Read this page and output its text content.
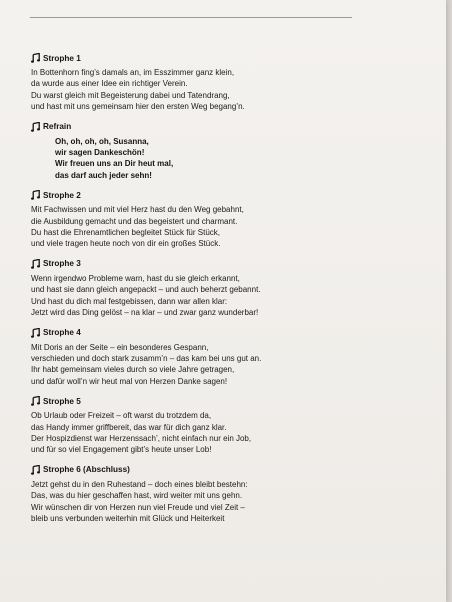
Strophe 1
In Bottenhorn fing’s damals an, im Esszimmer ganz klein,
da wurde aus einer Idee ein richtiger Verein.
Du warst gleich mit Begeisterung dabei und Tatendrang,
und hast mit uns gemeinsam hier den ersten Weg begang’n.
Refrain
Oh, oh, oh, oh, Susanna,
wir sagen Dankeschön!
Wir freuen uns an Dir heut mal,
das darf auch jeder sehn!
Strophe 2
Mit Fachwissen und mit viel Herz hast du den Weg gebahnt,
die Ausbildung gemacht und das begeistert und charmant.
Du hast die Ehrenamtlichen begleitet Stück für Stück,
und viele tragen heute noch von dir ein großes Stück.
Strophe 3
Wenn irgendwo Probleme warn, hast du sie gleich erkannt,
und hast sie dann gleich angepackt – und auch beherzt gebannt.
Und hast du dich mal festgebissen, dann war allen klar:
Jetzt wird das Ding gelöst – na klar – und zwar ganz wunderbar!
Strophe 4
Mit Doris an der Seite – ein besonderes Gespann,
verschieden und doch stark zusamm’n – das kam bei uns gut an.
Ihr habt gemeinsam vieles durch so viele Jahre getragen,
und dafür woll’n wir heut mal von Herzen Danke sagen!
Strophe 5
Ob Urlaub oder Freizeit – oft warst du trotzdem da,
das Handy immer griffbereit, das war für dich ganz klar.
Der Hospizdienst war Herzenssach’, nicht einfach nur ein Job,
und für so viel Engagement gibt’s heute unser Lob!
Strophe 6 (Abschluss)
Jetzt gehst du in den Ruhestand – doch eines bleibt bestehn:
Das, was du hier geschaffen hast, wird weiter mit uns gehn.
Wir wünschen dir von Herzen nun viel Freude und viel Zeit –
bleib uns verbunden weiterhin mit Glück und Heiterkeit
